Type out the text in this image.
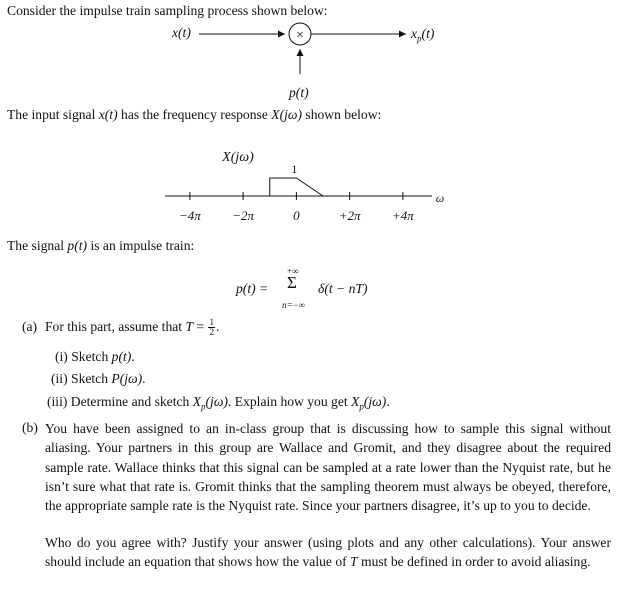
Consider the impulse train sampling process shown below:
×
x(t)	$x_p(t)$
p(t)
The input signal x(t) has the frequency response X(jω) shown below:
−4π −2π	0	+2π +4π
X(jω)
1
ω
The signal p(t) is an impulse train:
p(t) =
+∞
Σ
n=−∞
δ(t − nT)
(a) For this part, assume that $T = \frac{1}{2}$ .
(i) Sketch p(t).
(ii) Sketch P(jω).
(iii) Determine and sketch $X_p(j\omega)$. Explain how you get $X_p(j\omega)$.
(b) You have been assigned to an in-class group that is discussing how to sample this signal without aliasing. Your partners in this group are Wallace and Gromit, and they disagree about the required sample rate. Wallace thinks that this signal can be sampled at a rate lower than the Nyquist rate, but he isn’t sure what that rate is. Gromit thinks that the sampling theorem must always be obeyed, therefore, the appropriate sample rate is the Nyquist rate. Since your partners disagree, it’s up to you to decide.
Who do you agree with? Justify your answer (using plots and any other calculations). Your answer should include an equation that shows how the value of T must be defined in order to avoid aliasing.
